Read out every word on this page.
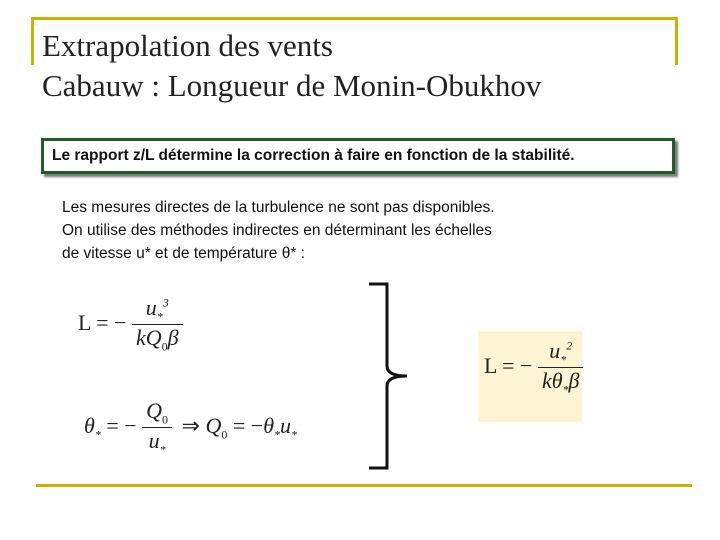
Extrapolation des vents
Cabauw : Longueur de Monin-Obukhov
Le rapport z/L détermine la correction à faire en fonction de la stabilité.

Les mesures directes de la turbulence ne sont pas disponibles.
On utilise des méthodes indirectes en déterminant les échelles
de vitesse u* et de température θ* :

L = − $\frac{u_*^3}{kQ_0\beta}$
$\theta_*$ = − $\frac{Q_0}{u_*}$ ⇒ $Q_0 = -\theta_*u_*$
L = − $\frac{u_*^2}{k\theta_*\beta}$
